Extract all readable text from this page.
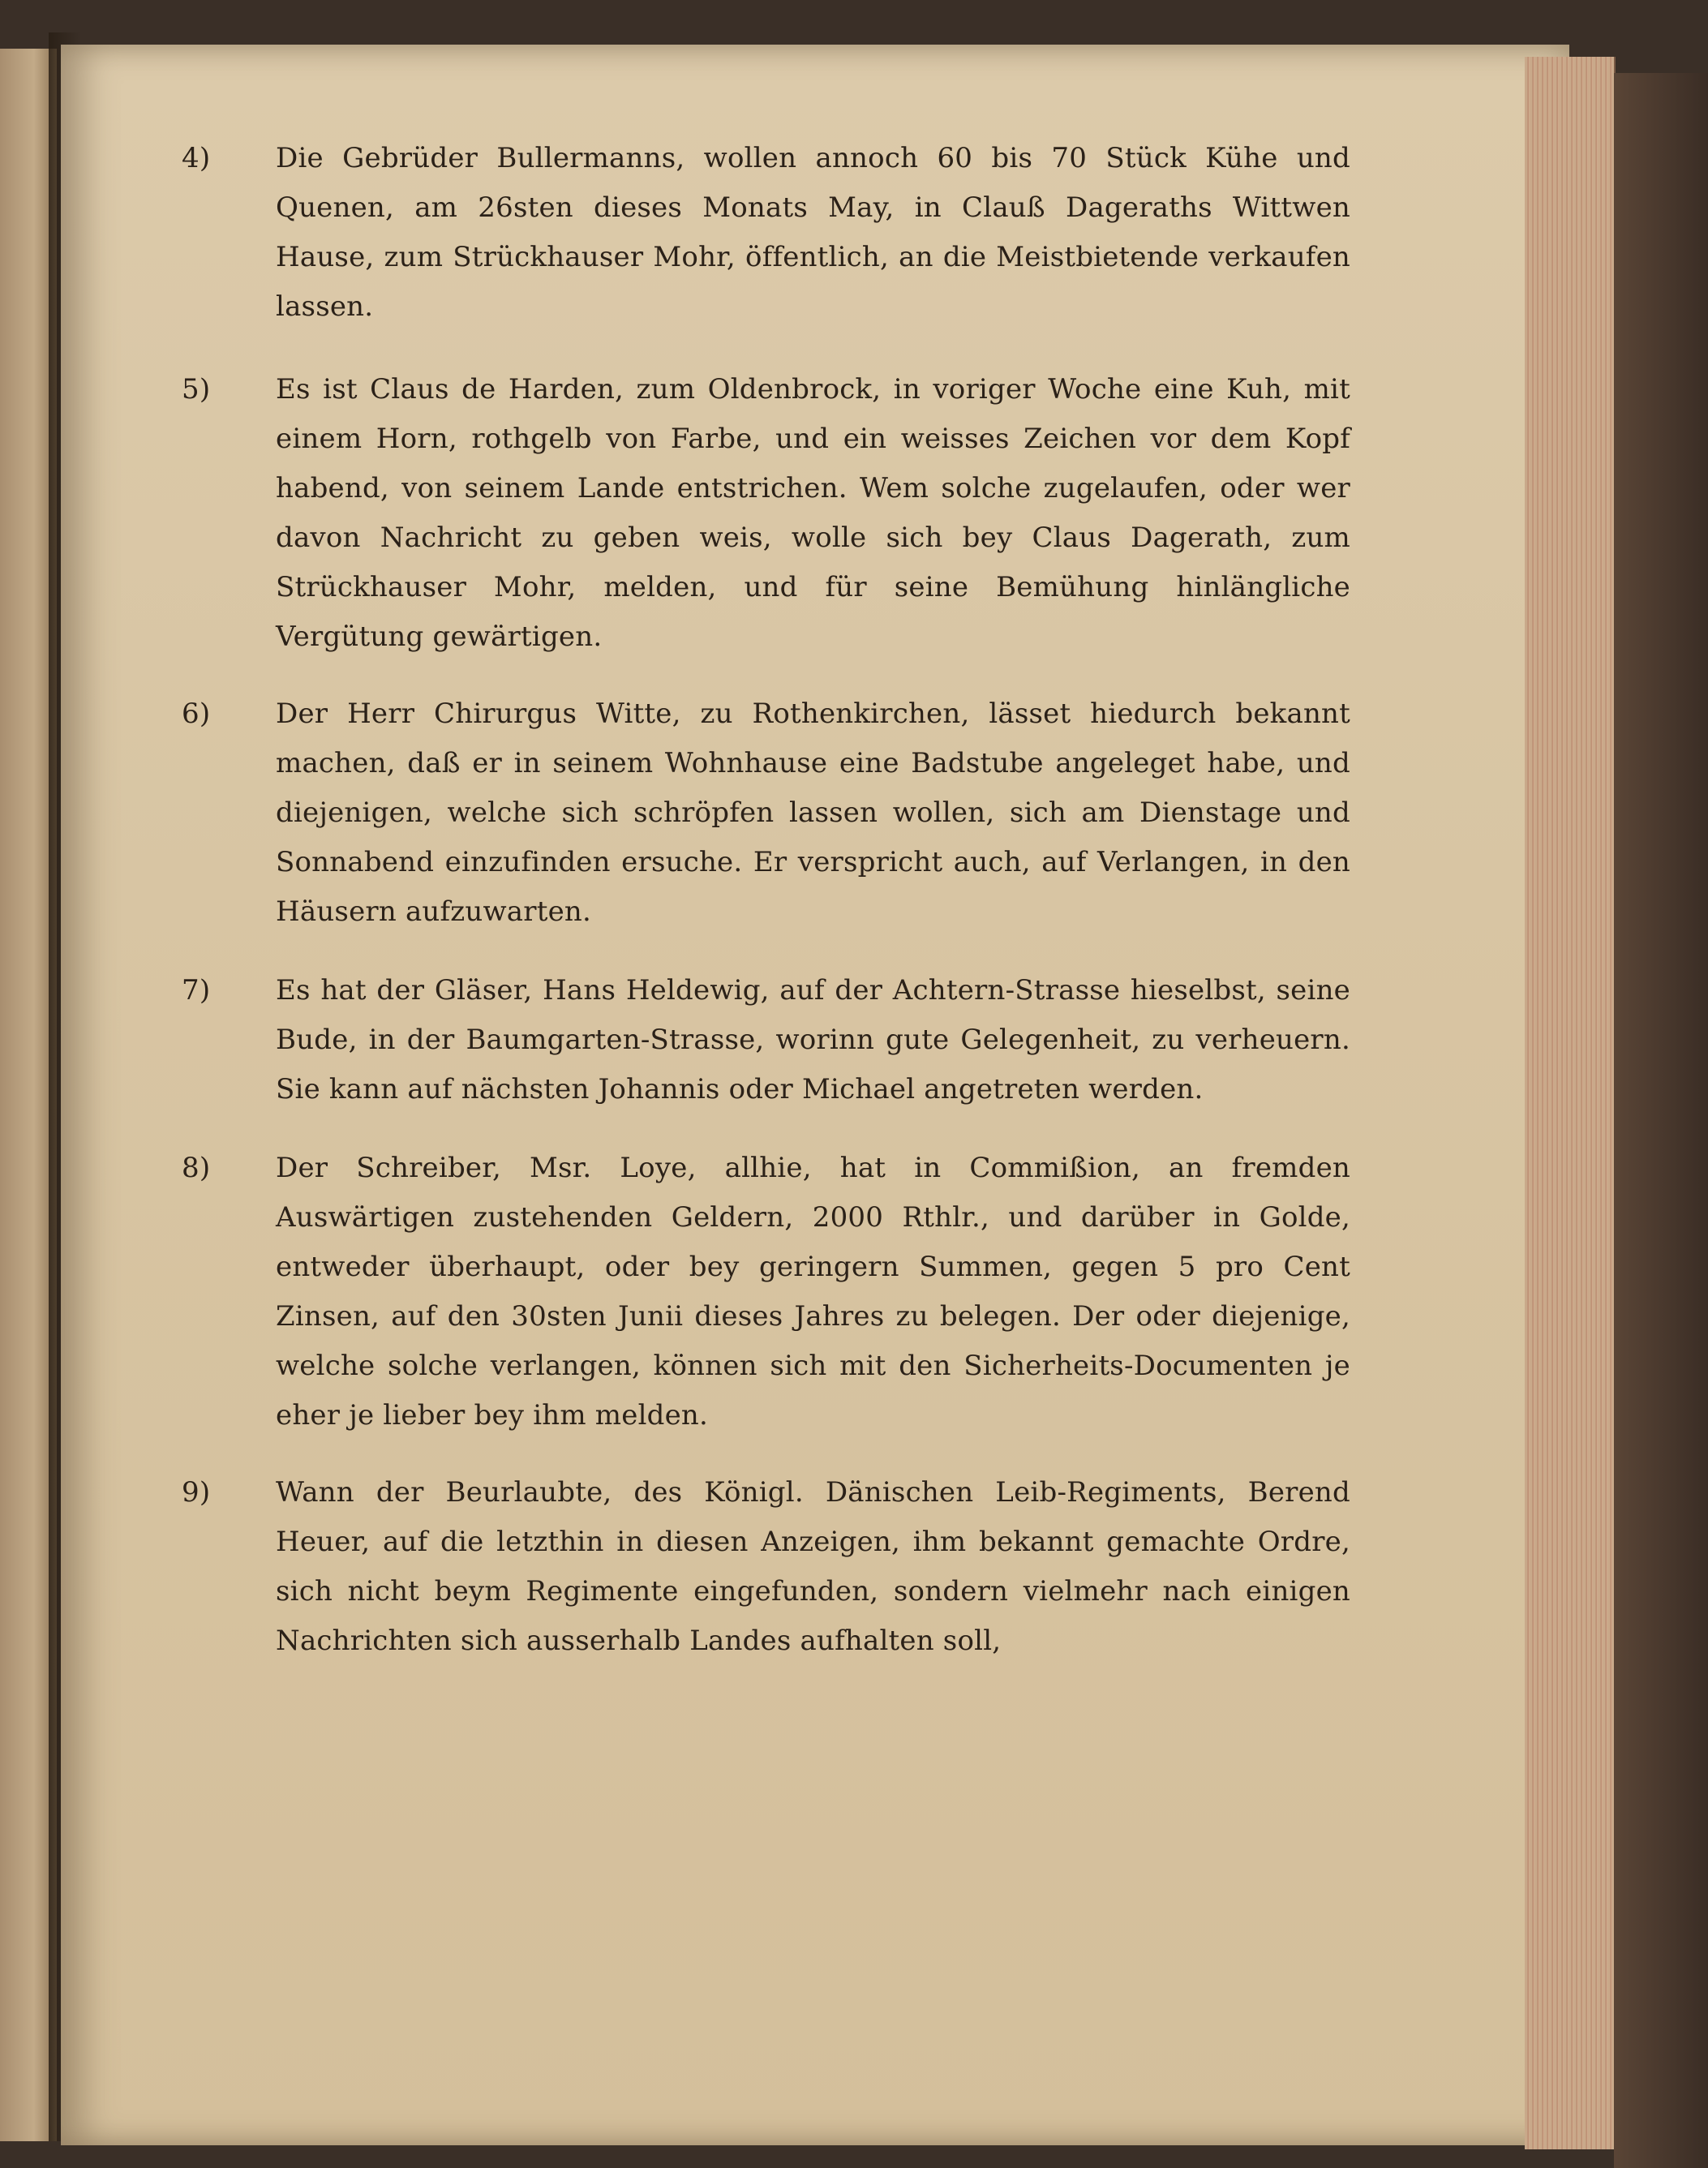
4) Die Gebrüder Bullermanns, wollen annoch 60 bis 70 Stück Kühe und Quenen, am 26sten dieses Monats May, in Clauß Dageraths Wittwen Hause, zum Strückhauser Mohr, öffentlich, an die Meistbietende verkaufen lassen.
5) Es ist Claus de Harden, zum Oldenbrock, in voriger Woche eine Kuh, mit einem Horn, rothgelb von Farbe, und ein weisses Zeichen vor dem Kopf habend, von seinem Lande entstrichen. Wem solche zugelaufen, oder wer davon Nachricht zu geben weis, wolle sich bey Claus Dagerath, zum Strückhauser Mohr, melden, und für seine Bemühung hinlängliche Vergütung gewärtigen.
6) Der Herr Chirurgus Witte, zu Rothenkirchen, lässet hiedurch bekannt machen, daß er in seinem Wohnhause eine Badstube angeleget habe, und diejenigen, welche sich schröpfen lassen wollen, sich am Dienstage und Sonnabend einzufinden ersuche. Er verspricht auch, auf Verlangen, in den Häusern aufzuwarten.
7) Es hat der Gläser, Hans Heldewig, auf der Achtern-Strasse hieselbst, seine Bude, in der Baumgarten-Strasse, worinn gute Gelegenheit, zu verheuern. Sie kann auf nächsten Johannis oder Michael angetreten werden.
8) Der Schreiber, Msr. Loye, allhie, hat in Commißion, an fremden Auswärtigen zustehenden Geldern, 2000 Rthlr., und darüber in Golde, entweder überhaupt, oder bey geringern Summen, gegen 5 pro Cent Zinsen, auf den 30sten Junii dieses Jahres zu belegen. Der oder diejenige, welche solche verlangen, können sich mit den Sicherheits-Documenten je eher je lieber bey ihm melden.
9) Wann der Beurlaubte, des Königl. Dänischen Leib-Regiments, Berend Heuer, auf die letzthin in diesen Anzeigen, ihm bekannt gemachte Ordre, sich nicht beym Regimente eingefunden, sondern vielmehr nach einigen Nachrichten sich ausserhalb Landes aufhalten soll,
